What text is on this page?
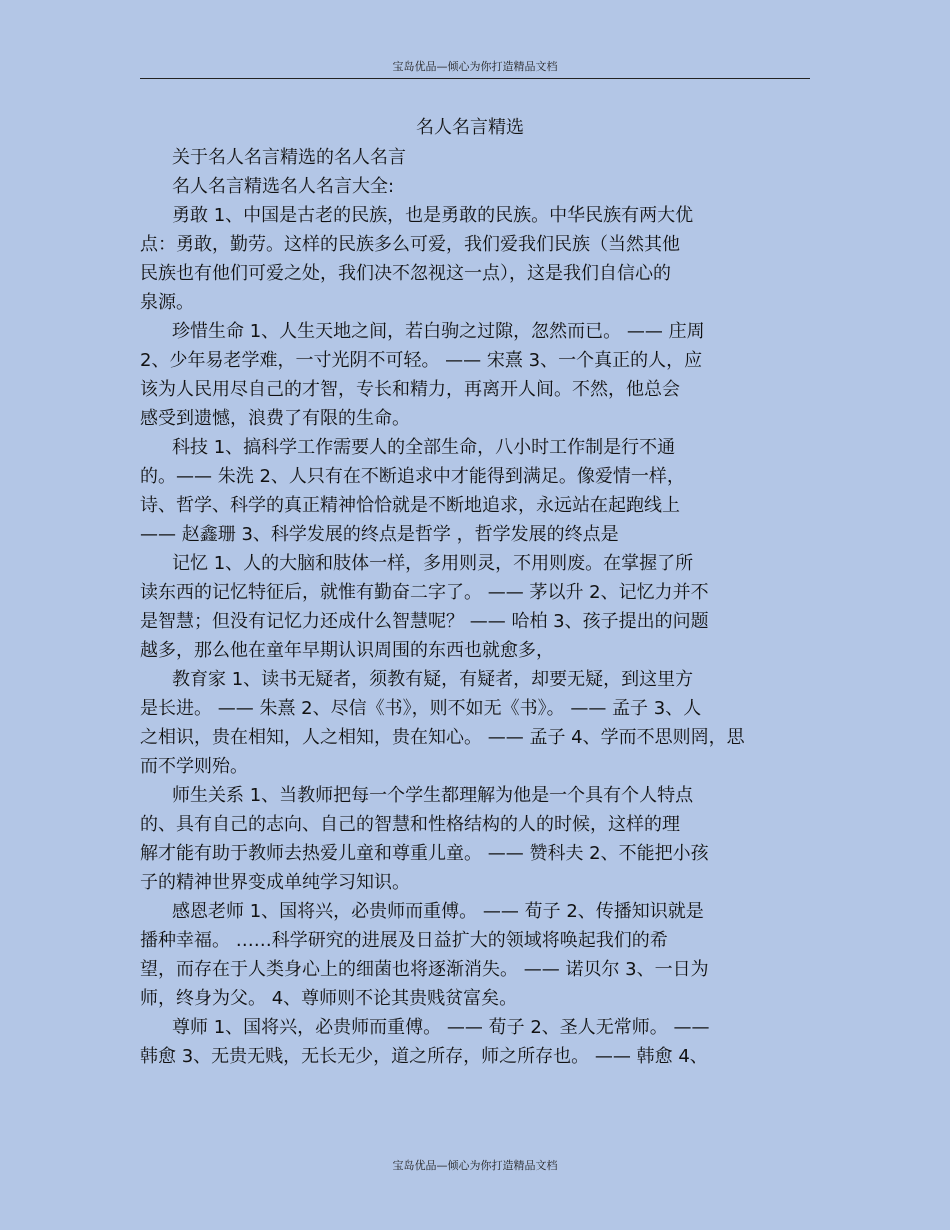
宝岛优品—倾心为你打造精品文档
名人名言精选

关于名人名言精选的名人名言

名人名言精选名人名言大全:

勇敢 1、中国是古老的民族，也是勇敢的民族。中华民族有两大优
点：勇敢，勤劳。这样的民族多么可爱，我们爱我们民族（当然其他
民族也有他们可爱之处，我们决不忽视这一点），这是我们自信心的
泉源。

珍惜生命 1、人生天地之间，若白驹之过隙，忽然而已。 —— 庄周
2、少年易老学难，一寸光阴不可轻。 —— 宋熹 3、一个真正的人，应
该为人民用尽自己的才智，专长和精力，再离开人间。不然，他总会
感受到遗憾，浪费了有限的生命。

科技 1、搞科学工作需要人的全部生命，八小时工作制是行不通
的。—— 朱洗 2、人只有在不断追求中才能得到满足。像爱情一样，
诗、哲学、科学的真正精神恰恰就是不断地追求，永远站在起跑线上
—— 赵鑫珊 3、科学发展的终点是哲学 ，哲学发展的终点是

记忆 1、人的大脑和肢体一样，多用则灵，不用则废。在掌握了所
读东西的记忆特征后，就惟有勤奋二字了。 —— 茅以升 2、记忆力并不
是智慧；但没有记忆力还成什么智慧呢？ —— 哈柏 3、孩子提出的问题
越多，那么他在童年早期认识周围的东西也就愈多，

教育家 1、读书无疑者，须教有疑，有疑者，却要无疑，到这里方
是长进。 —— 朱熹 2、尽信《书》，则不如无《书》。 —— 孟子 3、人
之相识，贵在相知，人之相知，贵在知心。 —— 孟子 4、学而不思则罔，思
而不学则殆。

师生关系 1、当教师把每一个学生都理解为他是一个具有个人特点
的、具有自己的志向、自己的智慧和性格结构的人的时候，这样的理
解才能有助于教师去热爱儿童和尊重儿童。 —— 赞科夫 2、不能把小孩
子的精神世界变成单纯学习知识。

感恩老师 1、国将兴，必贵师而重傅。 —— 荀子 2、传播知识就是
播种幸福。 ……科学研究的进展及日益扩大的领域将唤起我们的希
望，而存在于人类身心上的细菌也将逐渐消失。 —— 诺贝尔 3、一日为
师，终身为父。 4、尊师则不论其贵贱贫富矣。

尊师 1、国将兴，必贵师而重傅。 —— 荀子 2、圣人无常师。 ——
韩愈 3、无贵无贱，无长无少，道之所存，师之所存也。 —— 韩愈 4、

宝岛优品—倾心为你打造精品文档
